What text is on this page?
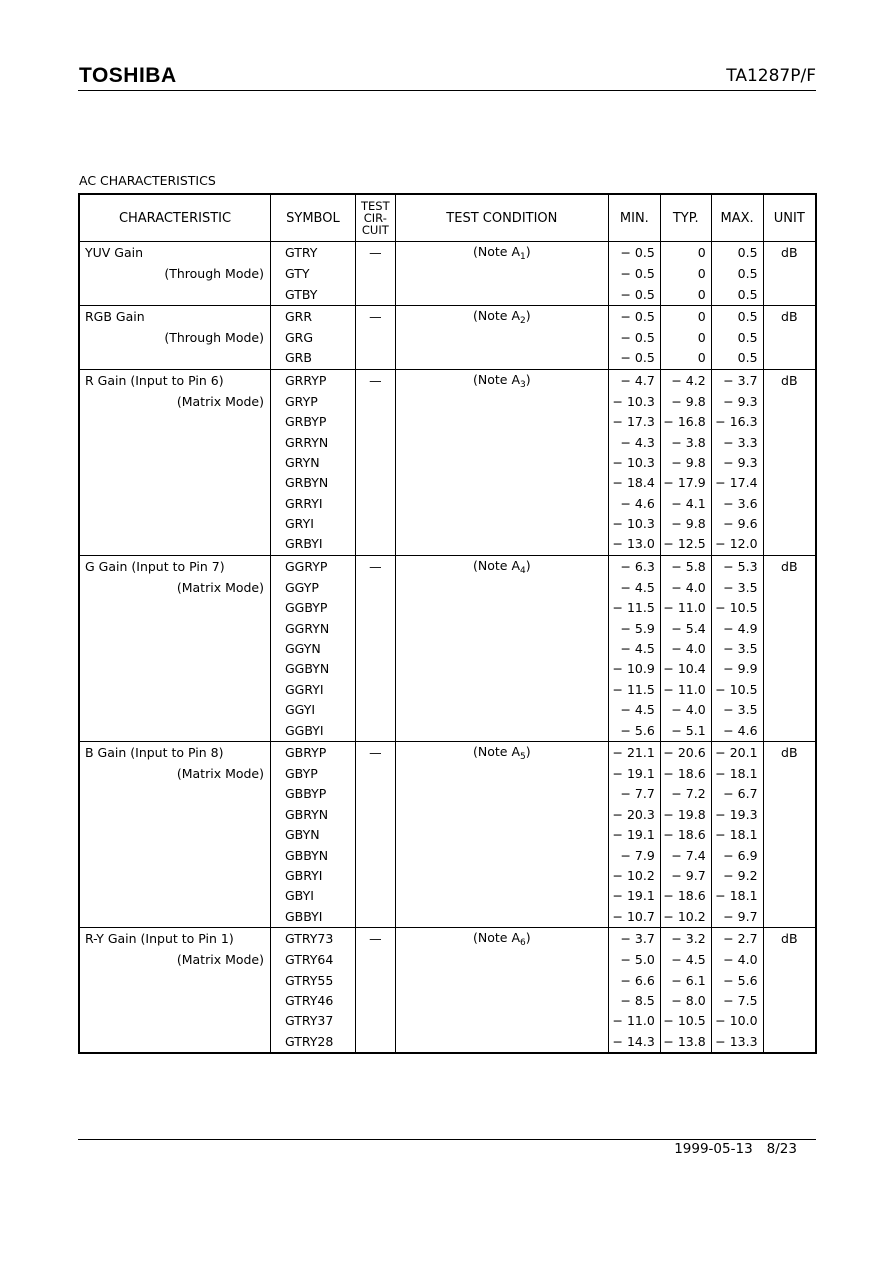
TOSHIBA	TA1287P/F
AC CHARACTERISTICS
CHARACTERISTIC	SYMBOL	TEST
CIR-
CUIT	TEST CONDITION	MIN.	TYP.	MAX.	UNIT
YUV Gain	GTRY	—	(Note $A_1$)	− 0.5	0	0.5	dB
(Through Mode)	GTY			− 0.5	0	0.5	
	GTBY			− 0.5	0	0.5	
RGB Gain	GRR	—	(Note $A_2$)	− 0.5	0	0.5	dB
(Through Mode)	GRG			− 0.5	0	0.5	
	GRB			− 0.5	0	0.5	
R Gain (Input to Pin 6)	GRRYP	—	(Note $A_3$)	− 4.7	− 4.2	− 3.7	dB
(Matrix Mode)	GRYP			− 10.3	− 9.8	− 9.3	
	GRBYP			− 17.3	− 16.8	− 16.3	
	GRRYN			− 4.3	− 3.8	− 3.3	
	GRYN			− 10.3	− 9.8	− 9.3	
	GRBYN			− 18.4	− 17.9	− 17.4	
	GRRYI			− 4.6	− 4.1	− 3.6	
	GRYI			− 10.3	− 9.8	− 9.6	
	GRBYI			− 13.0	− 12.5	− 12.0	
G Gain (Input to Pin 7)	GGRYP	—	(Note $A_4$)	− 6.3	− 5.8	− 5.3	dB
(Matrix Mode)	GGYP			− 4.5	− 4.0	− 3.5	
	GGBYP			− 11.5	− 11.0	− 10.5	
	GGRYN			− 5.9	− 5.4	− 4.9	
	GGYN			− 4.5	− 4.0	− 3.5	
	GGBYN			− 10.9	− 10.4	− 9.9	
	GGRYI			− 11.5	− 11.0	− 10.5	
	GGYI			− 4.5	− 4.0	− 3.5	
	GGBYI			− 5.6	− 5.1	− 4.6	
B Gain (Input to Pin 8)	GBRYP	—	(Note $A_5$)	− 21.1	− 20.6	− 20.1	dB
(Matrix Mode)	GBYP			− 19.1	− 18.6	− 18.1	
	GBBYP			− 7.7	− 7.2	− 6.7	
	GBRYN			− 20.3	− 19.8	− 19.3	
	GBYN			− 19.1	− 18.6	− 18.1	
	GBBYN			− 7.9	− 7.4	− 6.9	
	GBRYI			− 10.2	− 9.7	− 9.2	
	GBYI			− 19.1	− 18.6	− 18.1	
	GBBYI			− 10.7	− 10.2	− 9.7	
R-Y Gain (Input to Pin 1)	GTRY73	—	(Note $A_6$)	− 3.7	− 3.2	− 2.7	dB
(Matrix Mode)	GTRY64			− 5.0	− 4.5	− 4.0	
	GTRY55			− 6.6	− 6.1	− 5.6	
	GTRY46			− 8.5	− 8.0	− 7.5	
	GTRY37			− 11.0	− 10.5	− 10.0	
	GTRY28			− 14.3	− 13.8	− 13.3	
1999-05-13 8/23
